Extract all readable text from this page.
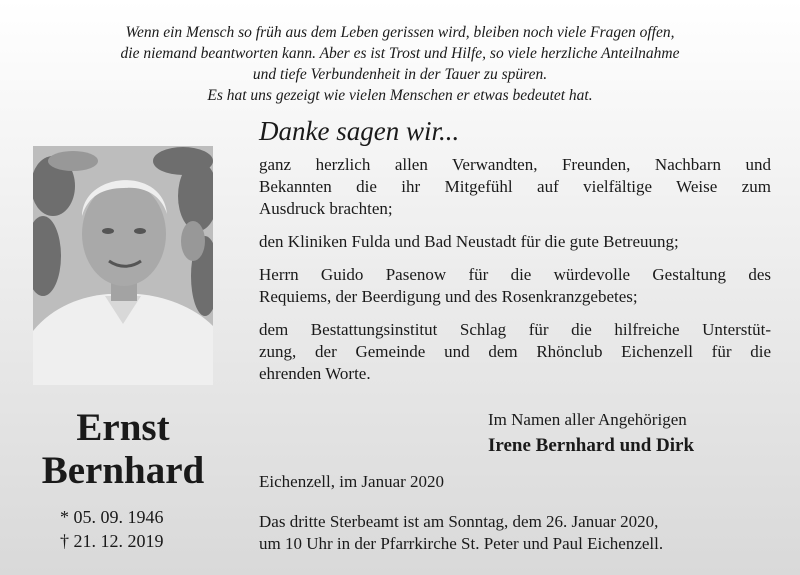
Wenn ein Mensch so früh aus dem Leben gerissen wird, bleiben noch viele Fragen offen,
die niemand beantworten kann. Aber es ist Trost und Hilfe, so viele herzliche Anteilnahme
und tiefe Verbundenheit in der Tauer zu spüren.
Es hat uns gezeigt wie vielen Menschen er etwas bedeutet hat.
Danke sagen wir...
ganz herzlich allen Verwandten, Freunden, Nachbarn und
Bekannten die ihr Mitgefühl auf vielfältige Weise zum
Ausdruck brachten;
den Kliniken Fulda und Bad Neustadt für die gute Betreuung;
Herrn Guido Pasenow für die würdevolle Gestaltung des
Requiems, der Beerdigung und des Rosenkranzgebetes;
dem Bestattungsinstitut Schlag für die hilfreiche Unterstüt-
zung, der Gemeinde und dem Rhönclub Eichenzell für die
ehrenden Worte.
Ernst
Bernhard
* 05. 09. 1946
† 21. 12. 2019
Im Namen aller Angehörigen
Irene Bernhard und Dirk
Eichenzell, im Januar 2020
Das dritte Sterbeamt ist am Sonntag, dem 26. Januar 2020,
um 10 Uhr in der Pfarrkirche St. Peter und Paul Eichenzell.
